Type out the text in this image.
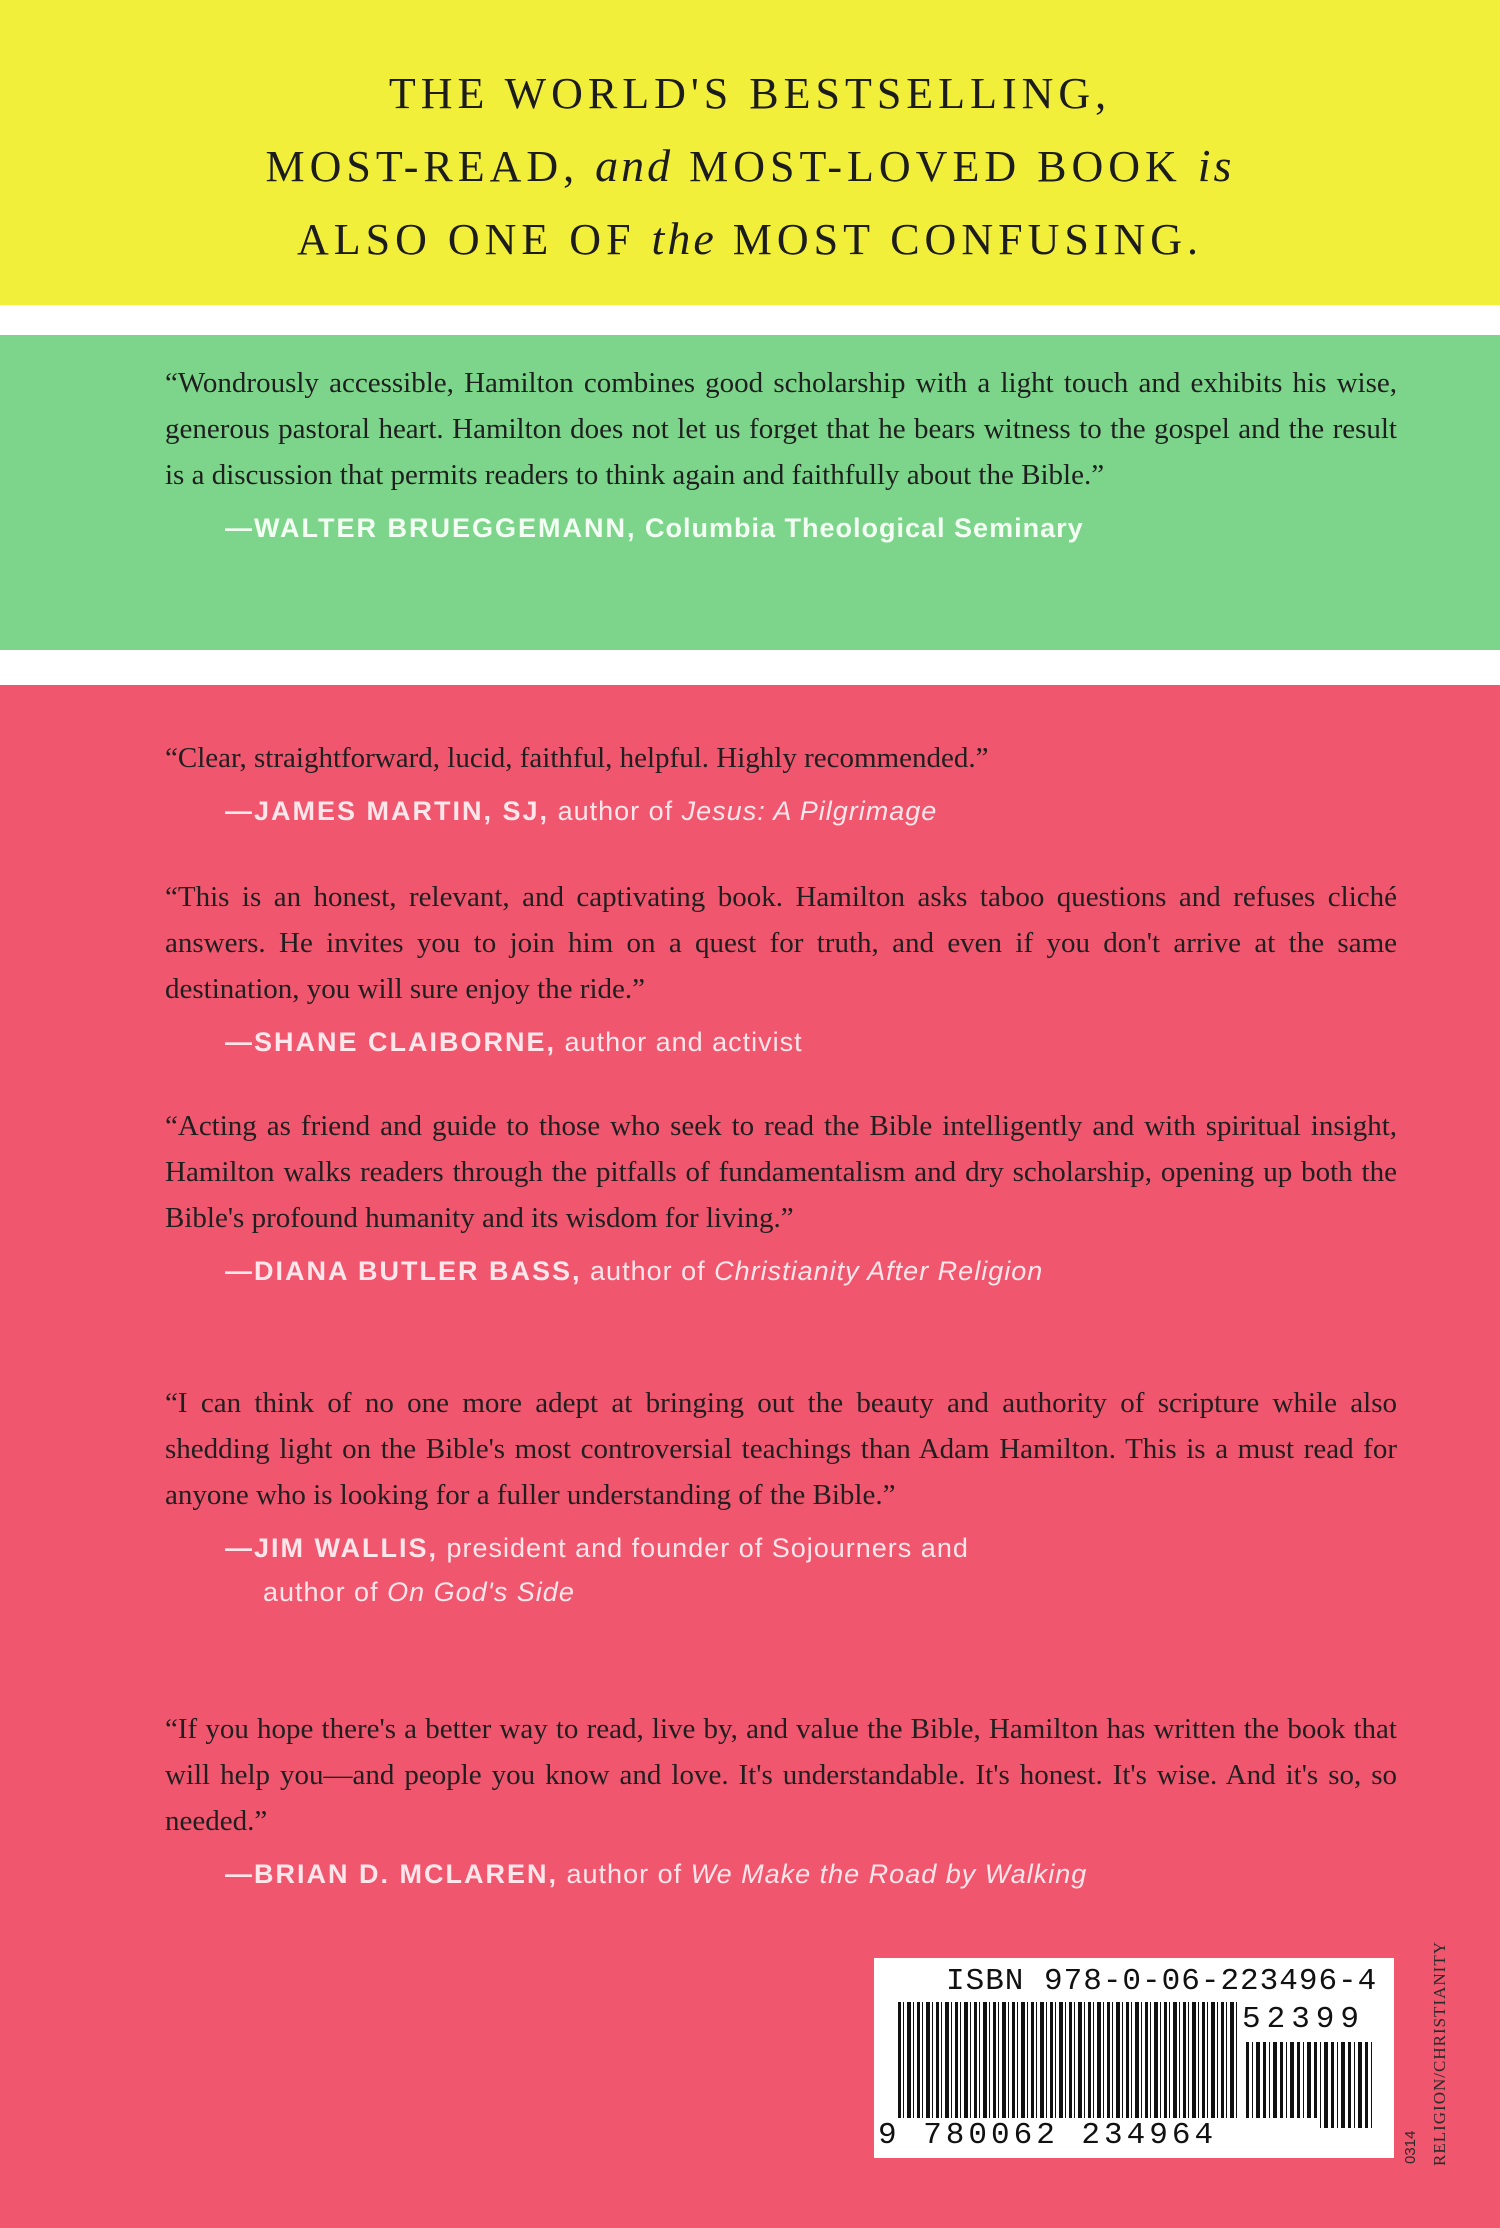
THE WORLD'S BESTSELLING,
MOST-READ, and MOST-LOVED BOOK is
ALSO ONE OF the MOST CONFUSING.

“Wondrously accessible, Hamilton combines good scholarship with a light touch and exhibits his wise, generous pastoral heart. Hamilton does not let us forget that he bears witness to the gospel and the result is a discussion that permits readers to think again and faithfully about the Bible.”

—WALTER BRUEGGEMANN, Columbia Theological Seminary

“Clear, straightforward, lucid, faithful, helpful. Highly recommended.”

—JAMES MARTIN, SJ, author of Jesus: A Pilgrimage

“This is an honest, relevant, and captivating book. Hamilton asks taboo questions and refuses cliché answers. He invites you to join him on a quest for truth, and even if you don't arrive at the same destination, you will sure enjoy the ride.”

—SHANE CLAIBORNE, author and activist

“Acting as friend and guide to those who seek to read the Bible intelligently and with spiritual insight, Hamilton walks readers through the pitfalls of fundamentalism and dry scholarship, opening up both the Bible's profound humanity and its wisdom for living.”

—DIANA BUTLER BASS, author of Christianity After Religion

“I can think of no one more adept at bringing out the beauty and authority of scripture while also shedding light on the Bible's most controversial teachings than Adam Hamilton. This is a must read for anyone who is looking for a fuller understanding of the Bible.”

—JIM WALLIS, president and founder of Sojourners and
author of On God's Side

“If you hope there's a better way to read, live by, and value the Bible, Hamilton has written the book that will help you—and people you know and love. It's understandable. It's honest. It's wise. And it's so, so needed.”

—BRIAN D. MCLAREN, author of We Make the Road by Walking
ISBN 978-0-06-223496-4
52399
9 780062 234964	RELIGION/CHRISTIANITY
0314
